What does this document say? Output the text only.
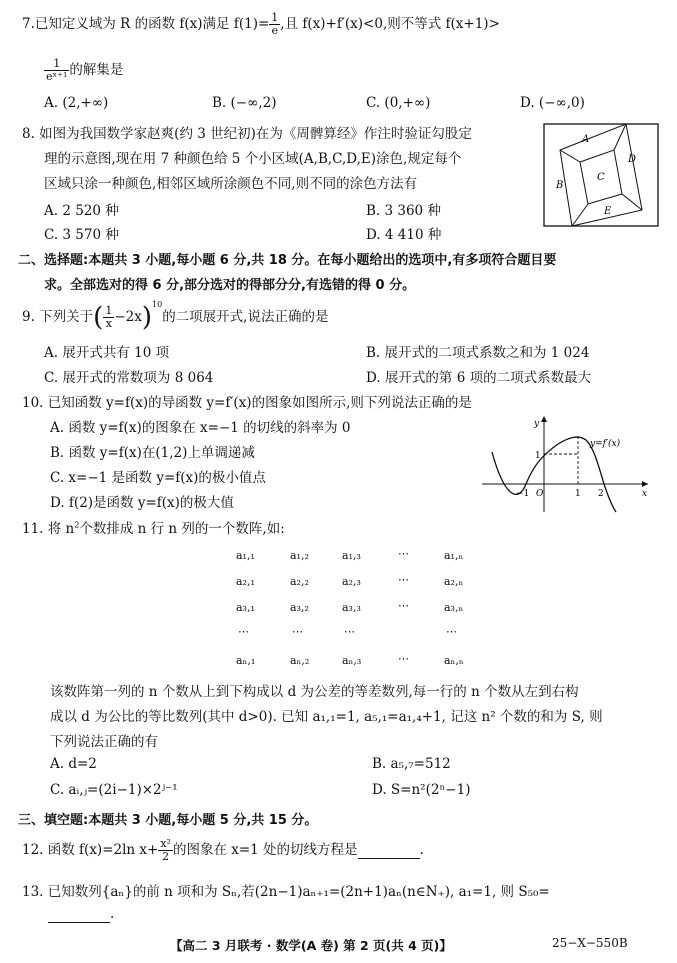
7.已知定义域为 R 的函数 f(x)满足 $f(1)= \frac{1}{e}$ ,且 f(x)+f′(x)<0,则不等式 f(x+1)>
$\frac{1}{\text{eˣ⁺¹}}$ 的解集是
A. (2,+∞)	B. (−∞,2)	C. (0,+∞)	D. (−∞,0)
8. 如图为我国数学家赵爽(约 3 世纪初)在为《周髀算经》作注时验证勾股定
理的示意图,现在用 7 种颜色给 5 个小区域(A,B,C,D,E)涂色,规定每个
区域只涂一种颜色,相邻区域所涂颜色不同,则不同的涂色方法有
A. 2 520 种	B. 3 360 种
C. 3 570 种	D. 4 410 种
A
B
C
D
E
二、选择题:本题共 3 小题,每小题 6 分,共 18 分。在每小题给出的选项中,有多项符合题目要
求。全部选对的得 6 分,部分选对的得部分分,有选错的得 0 分。
9. 下列关于( $\frac{1}{x} -2x)^{10}$的二项展开式,说法正确的是
A. 展开式共有 10 项	B. 展开式的二项式系数之和为 1 024
C. 展开式的常数项为 8 064	D. 展开式的第 6 项的二项式系数最大
10. 已知函数 y=f(x)的导函数 y=f′(x)的图象如图所示,则下列说法正确的是
A. 函数 y=f(x)的图象在 x=−1 的切线的斜率为 0
B. 函数 y=f(x)在(1,2)上单调递减
C. x=−1 是函数 y=f(x)的极小值点
D. f(2)是函数 y=f(x)的极大值
y
x
y=f′(x)
−1 O	1 2
1
11. 将 $n^2$个数排成 n 行 n 列的一个数阵,如:
a₁,₁	a₁,₂	a₁,₃	⋯	a₁,ₙ
a₂,₁	a₂,₂	a₂,₃	⋯	a₂,ₙ
a₃,₁	a₃,₂	a₃,₃	⋯	a₃,ₙ
⋯	⋯	⋯	⋯
aₙ,₁	aₙ,₂	aₙ,₃	⋯	aₙ,ₙ
该数阵第一列的 n 个数从上到下构成以 d 为公差的等差数列,每一行的 n 个数从左到右构
成以 d 为公比的等比数列(其中 d>0). 已知 a₁,₁=1, a₅,₁=a₁,₄+1, 记这 n² 个数的和为 S, 则
下列说法正确的有
A. d=2	B. a₅,₇=512
C. aᵢ,ⱼ=(2i−1)×2ʲ⁻¹	D. S=n²(2ⁿ−1)
三、填空题:本题共 3 小题,每小题 5 分,共 15 分。
12. 函数 f(x)=2ln $x+ \frac{\text{x²}}{2}$ 的图象在 x=1 处的切线方程是	.
13. 已知数列{aₙ}的前 n 项和为 Sₙ,若(2n−1)aₙ₊₁=(2n+1)aₙ(n∈N₊), a₁=1, 则 S₅₀=
.
【高二 3 月联考 · 数学(A 卷) 第 2 页(共 4 页)】	25−X−550B
